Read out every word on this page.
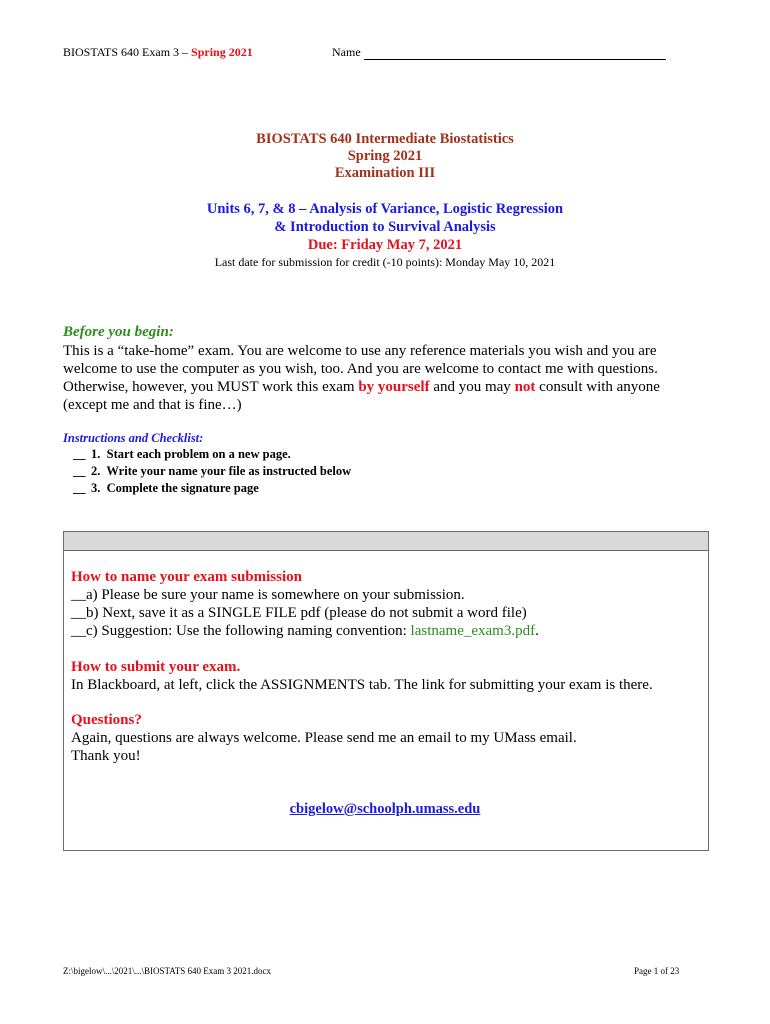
BIOSTATS 640 Exam 3 – Spring 2021	Name
BIOSTATS 640 Intermediate Biostatistics
Spring 2021
Examination III
Units 6, 7, & 8 – Analysis of Variance, Logistic Regression
& Introduction to Survival Analysis
Due: Friday May 7, 2021
Last date for submission for credit (-10 points): Monday May 10, 2021
Before you begin:
This is a “take-home” exam. You are welcome to use any reference materials you wish and you are welcome to use the computer as you wish, too. And you are welcome to contact me with questions. Otherwise, however, you MUST work this exam by yourself and you may not consult with anyone (except me and that is fine…)
Instructions and Checklist:
__ 1. Start each problem on a new page.
__ 2. Write your name your file as instructed below
__ 3. Complete the signature page
How to name your exam submission
__a) Please be sure your name is somewhere on your submission.
__b) Next, save it as a SINGLE FILE pdf (please do not submit a word file)
__c) Suggestion: Use the following naming convention: lastname_exam3.pdf.
How to submit your exam.
In Blackboard, at left, click the ASSIGNMENTS tab. The link for submitting your exam is there.
Questions?
Again, questions are always welcome. Please send me an email to my UMass email.
Thank you!
cbigelow@schoolph.umass.edu
Z:\bigelow\...\2021\...\BIOSTATS 640 Exam 3 2021.docx	Page 1 of 23
